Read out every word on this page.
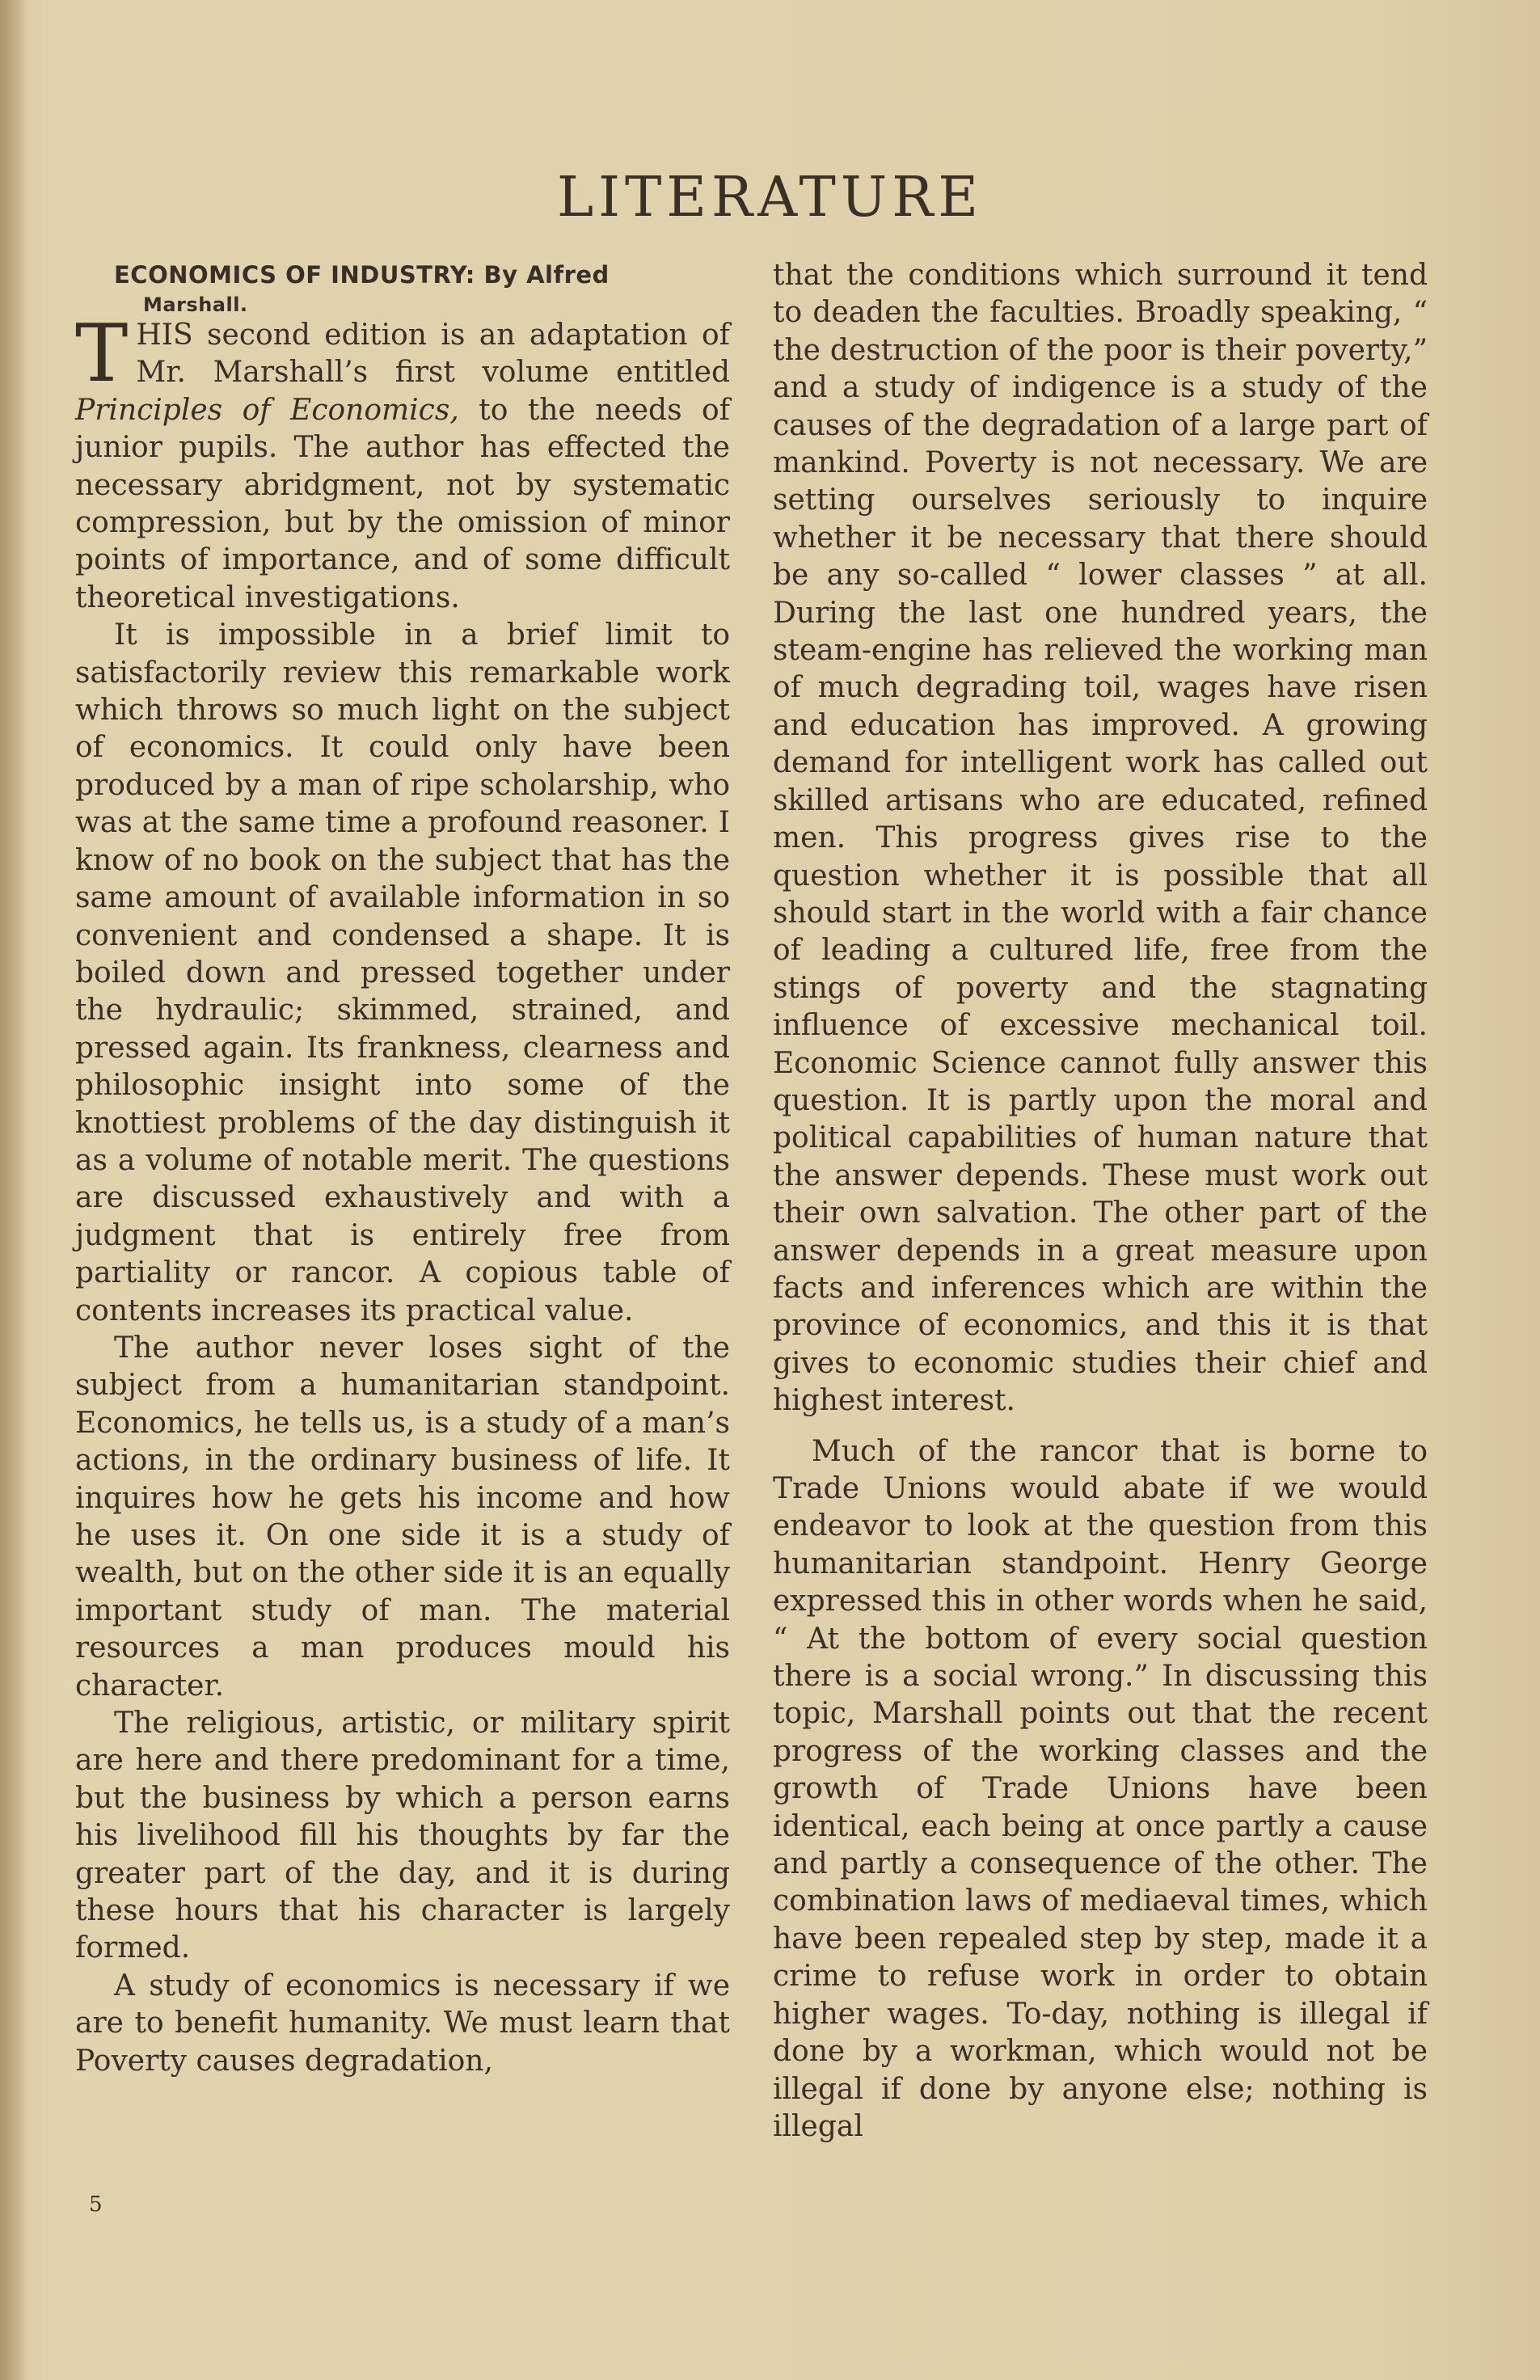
LITERATURE

ECONOMICS OF INDUSTRY: By Alfred
Marshall.

THIS second edition is an adaptation of Mr. Marshall’s first volume entitled Principles of Economics, to the needs of junior pupils. The author has effected the necessary abridgment, not by systematic compression, but by the omission of minor points of importance, and of some difficult theoretical investigations.

It is impossible in a brief limit to satisfactorily review this remarkable work which throws so much light on the subject of economics. It could only have been produced by a man of ripe scholarship, who was at the same time a profound reasoner. I know of no book on the subject that has the same amount of available information in so convenient and condensed a shape. It is boiled down and pressed together under the hydraulic; skimmed, strained, and pressed again. Its frankness, clearness and philosophic insight into some of the knottiest problems of the day distinguish it as a volume of notable merit. The questions are discussed exhaustively and with a judgment that is entirely free from partiality or rancor. A copious table of contents increases its practical value.

The author never loses sight of the subject from a humanitarian standpoint. Economics, he tells us, is a study of a man’s actions, in the ordinary business of life. It inquires how he gets his income and how he uses it. On one side it is a study of wealth, but on the other side it is an equally important study of man. The material resources a man produces mould his character.

The religious, artistic, or military spirit are here and there predominant for a time, but the business by which a person earns his livelihood fill his thoughts by far the greater part of the day, and it is during these hours that his character is largely formed.

A study of economics is necessary if we are to benefit humanity. We must learn that Poverty causes degradation,

that the conditions which surround it tend to deaden the faculties. Broadly speaking, “ the destruction of the poor is their poverty,” and a study of indigence is a study of the causes of the degradation of a large part of mankind. Poverty is not necessary. We are setting ourselves seriously to inquire whether it be necessary that there should be any so-called “ lower classes ” at all. During the last one hundred years, the steam-engine has relieved the working man of much degrading toil, wages have risen and education has improved. A growing demand for intelligent work has called out skilled artisans who are educated, refined men. This progress gives rise to the question whether it is possible that all should start in the world with a fair chance of leading a cultured life, free from the stings of poverty and the stagnating influence of excessive mechanical toil. Economic Science cannot fully answer this question. It is partly upon the moral and political capabilities of human nature that the answer depends. These must work out their own salvation. The other part of the answer depends in a great measure upon facts and inferences which are within the province of economics, and this it is that gives to economic studies their chief and highest interest.

Much of the rancor that is borne to Trade Unions would abate if we would endeavor to look at the question from this humanitarian standpoint. Henry George expressed this in other words when he said, “ At the bottom of every social question there is a social wrong.” In discussing this topic, Marshall points out that the recent progress of the working classes and the growth of Trade Unions have been identical, each being at once partly a cause and partly a consequence of the other. The combination laws of mediaeval times, which have been repealed step by step, made it a crime to refuse work in order to obtain higher wages. To-day, nothing is illegal if done by a workman, which would not be illegal if done by anyone else; nothing is illegal

5
